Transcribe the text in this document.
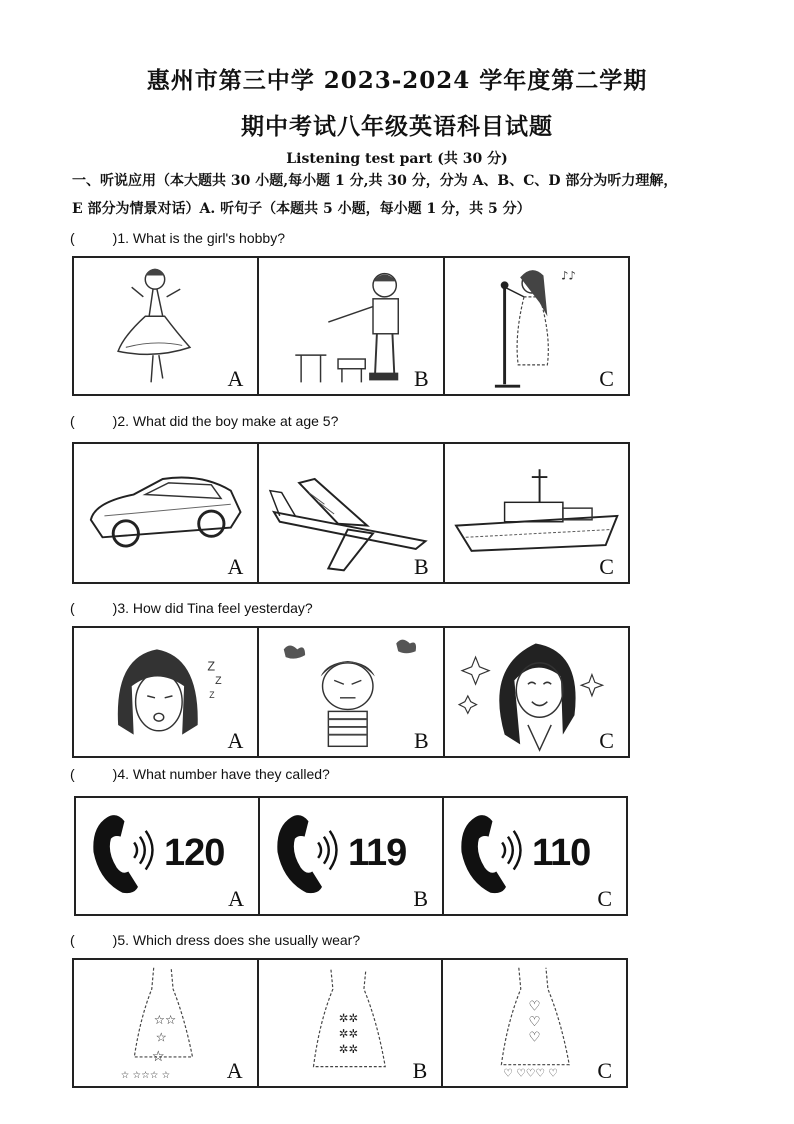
惠州市第三中学 2023-2024 学年度第二学期
期中考试八年级英语科目试题
Listening test part (共 30 分)
一、听说应用（本大题共 30 小题,每小题 1 分,共 30 分，分为 A、B、C、D 部分为听力理解，
E 部分为情景对话）A. 听句子（本题共 5 小题，每小题 1 分，共 5 分）
(	)1. What is the girl's hobby?
A	B
♪♪
C
(	)2. What did the boy make at age 5?
A	B	C
(	)3. How did Tina feel yesterday?
Z
Z
Z
A	B	C
(	)4. What number have they called?
120
A
119
B
110
C
(	)5. Which dress does she usually wear?
☆☆
☆
☆
☆ ☆☆☆ ☆	A
✲✲
✲✲
✲✲
B
♡
♡
♡
♡ ♡♡♡ ♡ C
